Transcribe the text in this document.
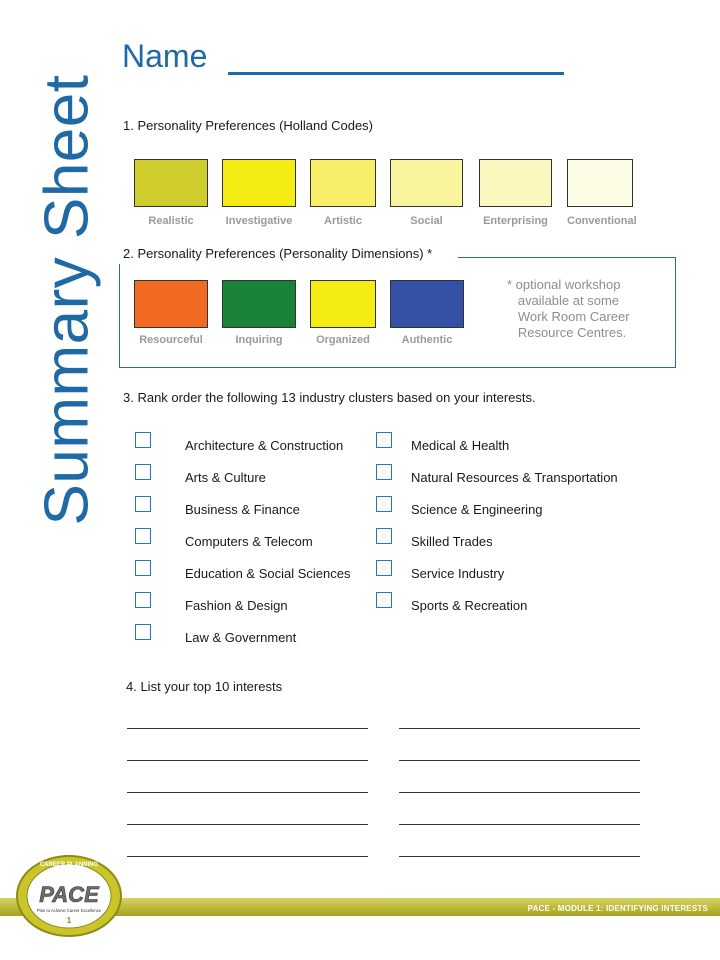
Summary Sheet
Name
1. Personality Preferences (Holland Codes)
Realistic	Investigative	Artistic	Social	Enterprising	Conventional
2. Personality Preferences (Personality Dimensions) *
Resourceful	Inquiring	Organized	Authentic
* optional workshop
available at some
Work Room Career
Resource Centres.
3. Rank order the following 13 industry clusters based on your interests.
Architecture & Construction
Arts & Culture
Business & Finance
Computers & Telecom
Education & Social Sciences
Fashion & Design
Law & Government
Medical & Health
Natural Resources & Transportation
Science & Engineering
Skilled Trades
Service Industry
Sports & Recreation
4. List your top 10 interests
PACE - MODULE 1: IDENTIFYING INTERESTS
CAREER PLANNING
PACE
Plan to Achieve Career Excellence
1
